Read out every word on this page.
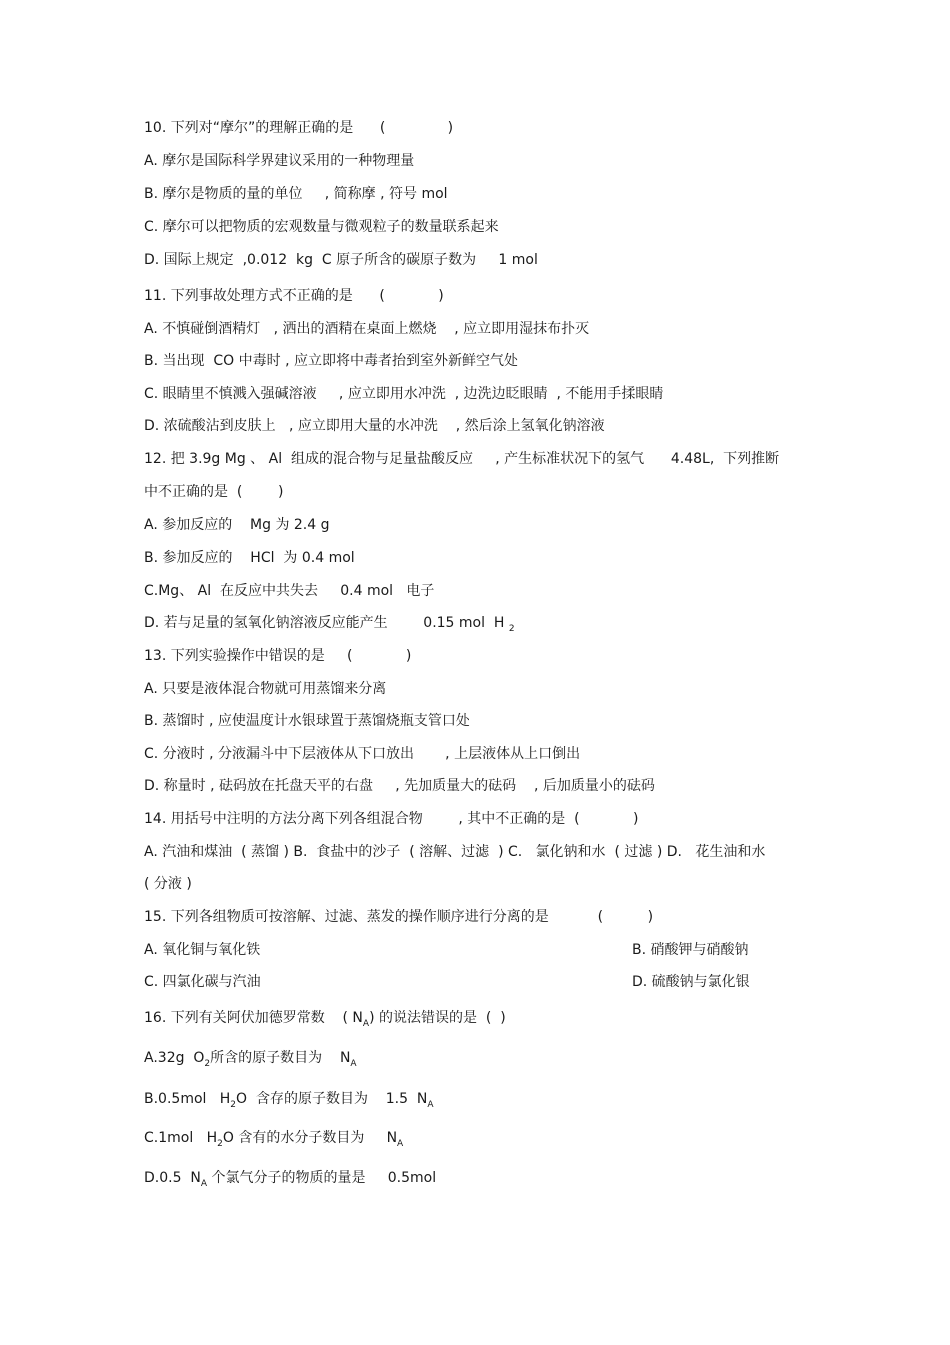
10. 下列对“摩尔”的理解正确的是      (              )
A. 摩尔是国际科学界建议采用的一种物理量
B. 摩尔是物质的量的单位     , 简称摩 , 符号 mol
C. 摩尔可以把物质的宏观数量与微观粒子的数量联系起来
D. 国际上规定  ,0.012  kg  C 原子所含的碳原子数为     1 mol
11. 下列事故处理方式不正确的是      (            )
A. 不慎碰倒酒精灯   , 洒出的酒精在桌面上燃烧    , 应立即用湿抹布扑灭
B. 当出现  CO 中毒时 , 应立即将中毒者抬到室外新鲜空气处
C. 眼睛里不慎溅入强碱溶液     , 应立即用水冲洗  , 边洗边眨眼睛  , 不能用手揉眼睛
D. 浓硫酸沾到皮肤上   , 应立即用大量的水冲洗    , 然后涂上氢氧化钠溶液
12. 把 3.9g Mg 、 Al  组成的混合物与足量盐酸反应     , 产生标准状况下的氢气      4.48L,  下列推断
中不正确的是  (        )
A. 参加反应的    Mg 为 2.4 g
B. 参加反应的    HCl  为 0.4 mol
C.Mg、 Al  在反应中共失去     0.4 mol   电子
D. 若与足量的氢氧化钠溶液反应能产生        0.15 mol  H $_2$
13. 下列实验操作中错误的是     (            )
A. 只要是液体混合物就可用蒸馏来分离
B. 蒸馏时 , 应使温度计水银球置于蒸馏烧瓶支管口处
C. 分液时 , 分液漏斗中下层液体从下口放出       , 上层液体从上口倒出
D. 称量时 , 砝码放在托盘天平的右盘     , 先加质量大的砝码    , 后加质量小的砝码
14. 用括号中注明的方法分离下列各组混合物        , 其中不正确的是  (            )
A. 汽油和煤油  ( 蒸馏 ) B.  食盐中的沙子  ( 溶解、过滤  ) C.   氯化钠和水  ( 过滤 ) D.   花生油和水
( 分液 )
15. 下列各组物质可按溶解、过滤、蒸发的操作顺序进行分离的是           (          )
A. 氧化铜与氧化铁	B. 硝酸钾与硝酸钠
C. 四氯化碳与汽油	D. 硫酸钠与氯化银
16. 下列有关阿伏加德罗常数    ( $N_A$) 的说法错误的是  (  )
A.32g  $O_2$所含的原子数目为    $N_A$
B.0.5mol   $H_2O$  含存的原子数目为    1.5  $N_A$
C.1mol   $H_2O$ 含有的水分子数目为     $N_A$
D.0.5  $N_A$ 个氯气分子的物质的量是     0.5mol
